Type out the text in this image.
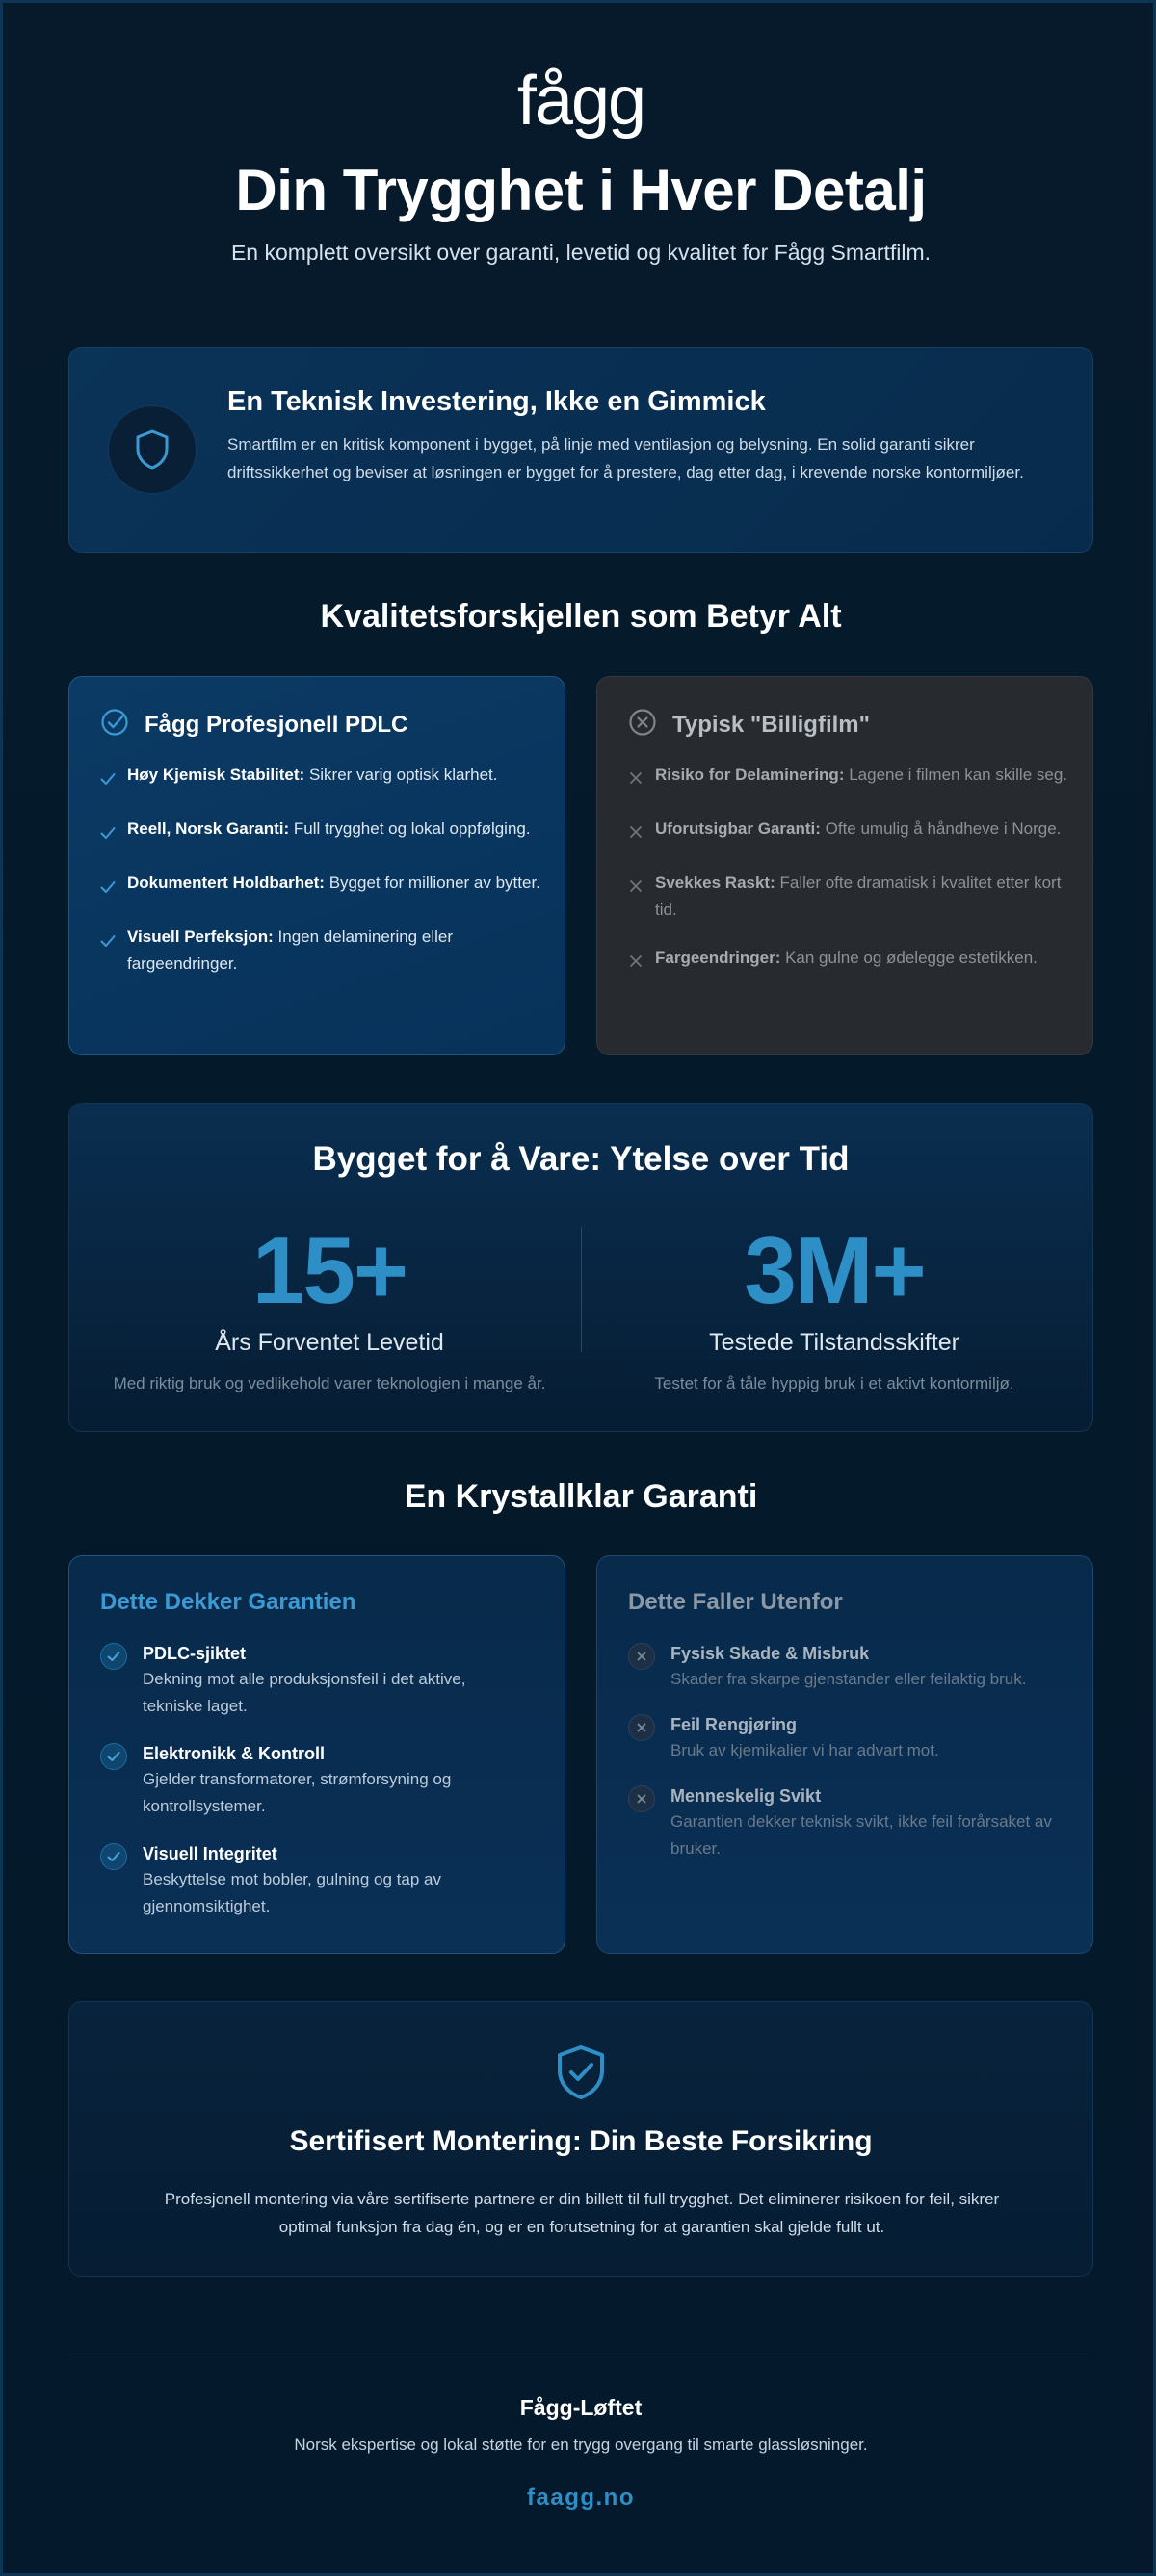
fågg
Din Trygghet i Hver Detalj

En komplett oversikt over garanti, levetid og kvalitet for Fågg Smartfilm.

En Teknisk Investering, Ikke en Gimmick

Smartfilm er en kritisk komponent i bygget, på linje med ventilasjon og belysning. En solid garanti sikrer driftssikkerhet og beviser at løsningen er bygget for å prestere, dag etter dag, i krevende norske kontormiljøer.

Kvalitetsforskjellen som Betyr Alt
Fågg Profesjonell PDLC
Høy Kjemisk Stabilitet: Sikrer varig optisk klarhet.
Reell, Norsk Garanti: Full trygghet og lokal oppfølging.
Dokumentert Holdbarhet: Bygget for millioner av bytter.
Visuell Perfeksjon: Ingen delaminering eller fargeendringer.
Typisk "Billigfilm"
Risiko for Delaminering: Lagene i filmen kan skille seg.
Uforutsigbar Garanti: Ofte umulig å håndheve i Norge.
Svekkes Raskt: Faller ofte dramatisk i kvalitet etter kort tid.
Fargeendringer: Kan gulne og ødelegge estetikken.
Bygget for å Vare: Ytelse over Tid
15+
Års Forventet Levetid
Med riktig bruk og vedlikehold varer teknologien i mange år.
3M+
Testede Tilstandsskifter
Testet for å tåle hyppig bruk i et aktivt kontormiljø.
En Krystallklar Garanti
Dette Dekker Garantien
PDLC-sjiktet
Dekning mot alle produksjonsfeil i det aktive, tekniske laget.
Elektronikk & Kontroll
Gjelder transformatorer, strømforsyning og kontrollsystemer.
Visuell Integritet
Beskyttelse mot bobler, gulning og tap av gjennomsiktighet.
Dette Faller Utenfor
Fysisk Skade & Misbruk
Skader fra skarpe gjenstander eller feilaktig bruk.
Feil Rengjøring
Bruk av kjemikalier vi har advart mot.
Menneskelig Svikt
Garantien dekker teknisk svikt, ikke feil forårsaket av bruker.
Sertifisert Montering: Din Beste Forsikring

Profesjonell montering via våre sertifiserte partnere er din billett til full trygghet. Det eliminerer risikoen for feil, sikrer optimal funksjon fra dag én, og er en forutsetning for at garantien skal gjelde fullt ut.

Fågg-Løftet
Norsk ekspertise og lokal støtte for en trygg overgang til smarte glassløsninger.
faagg.no
